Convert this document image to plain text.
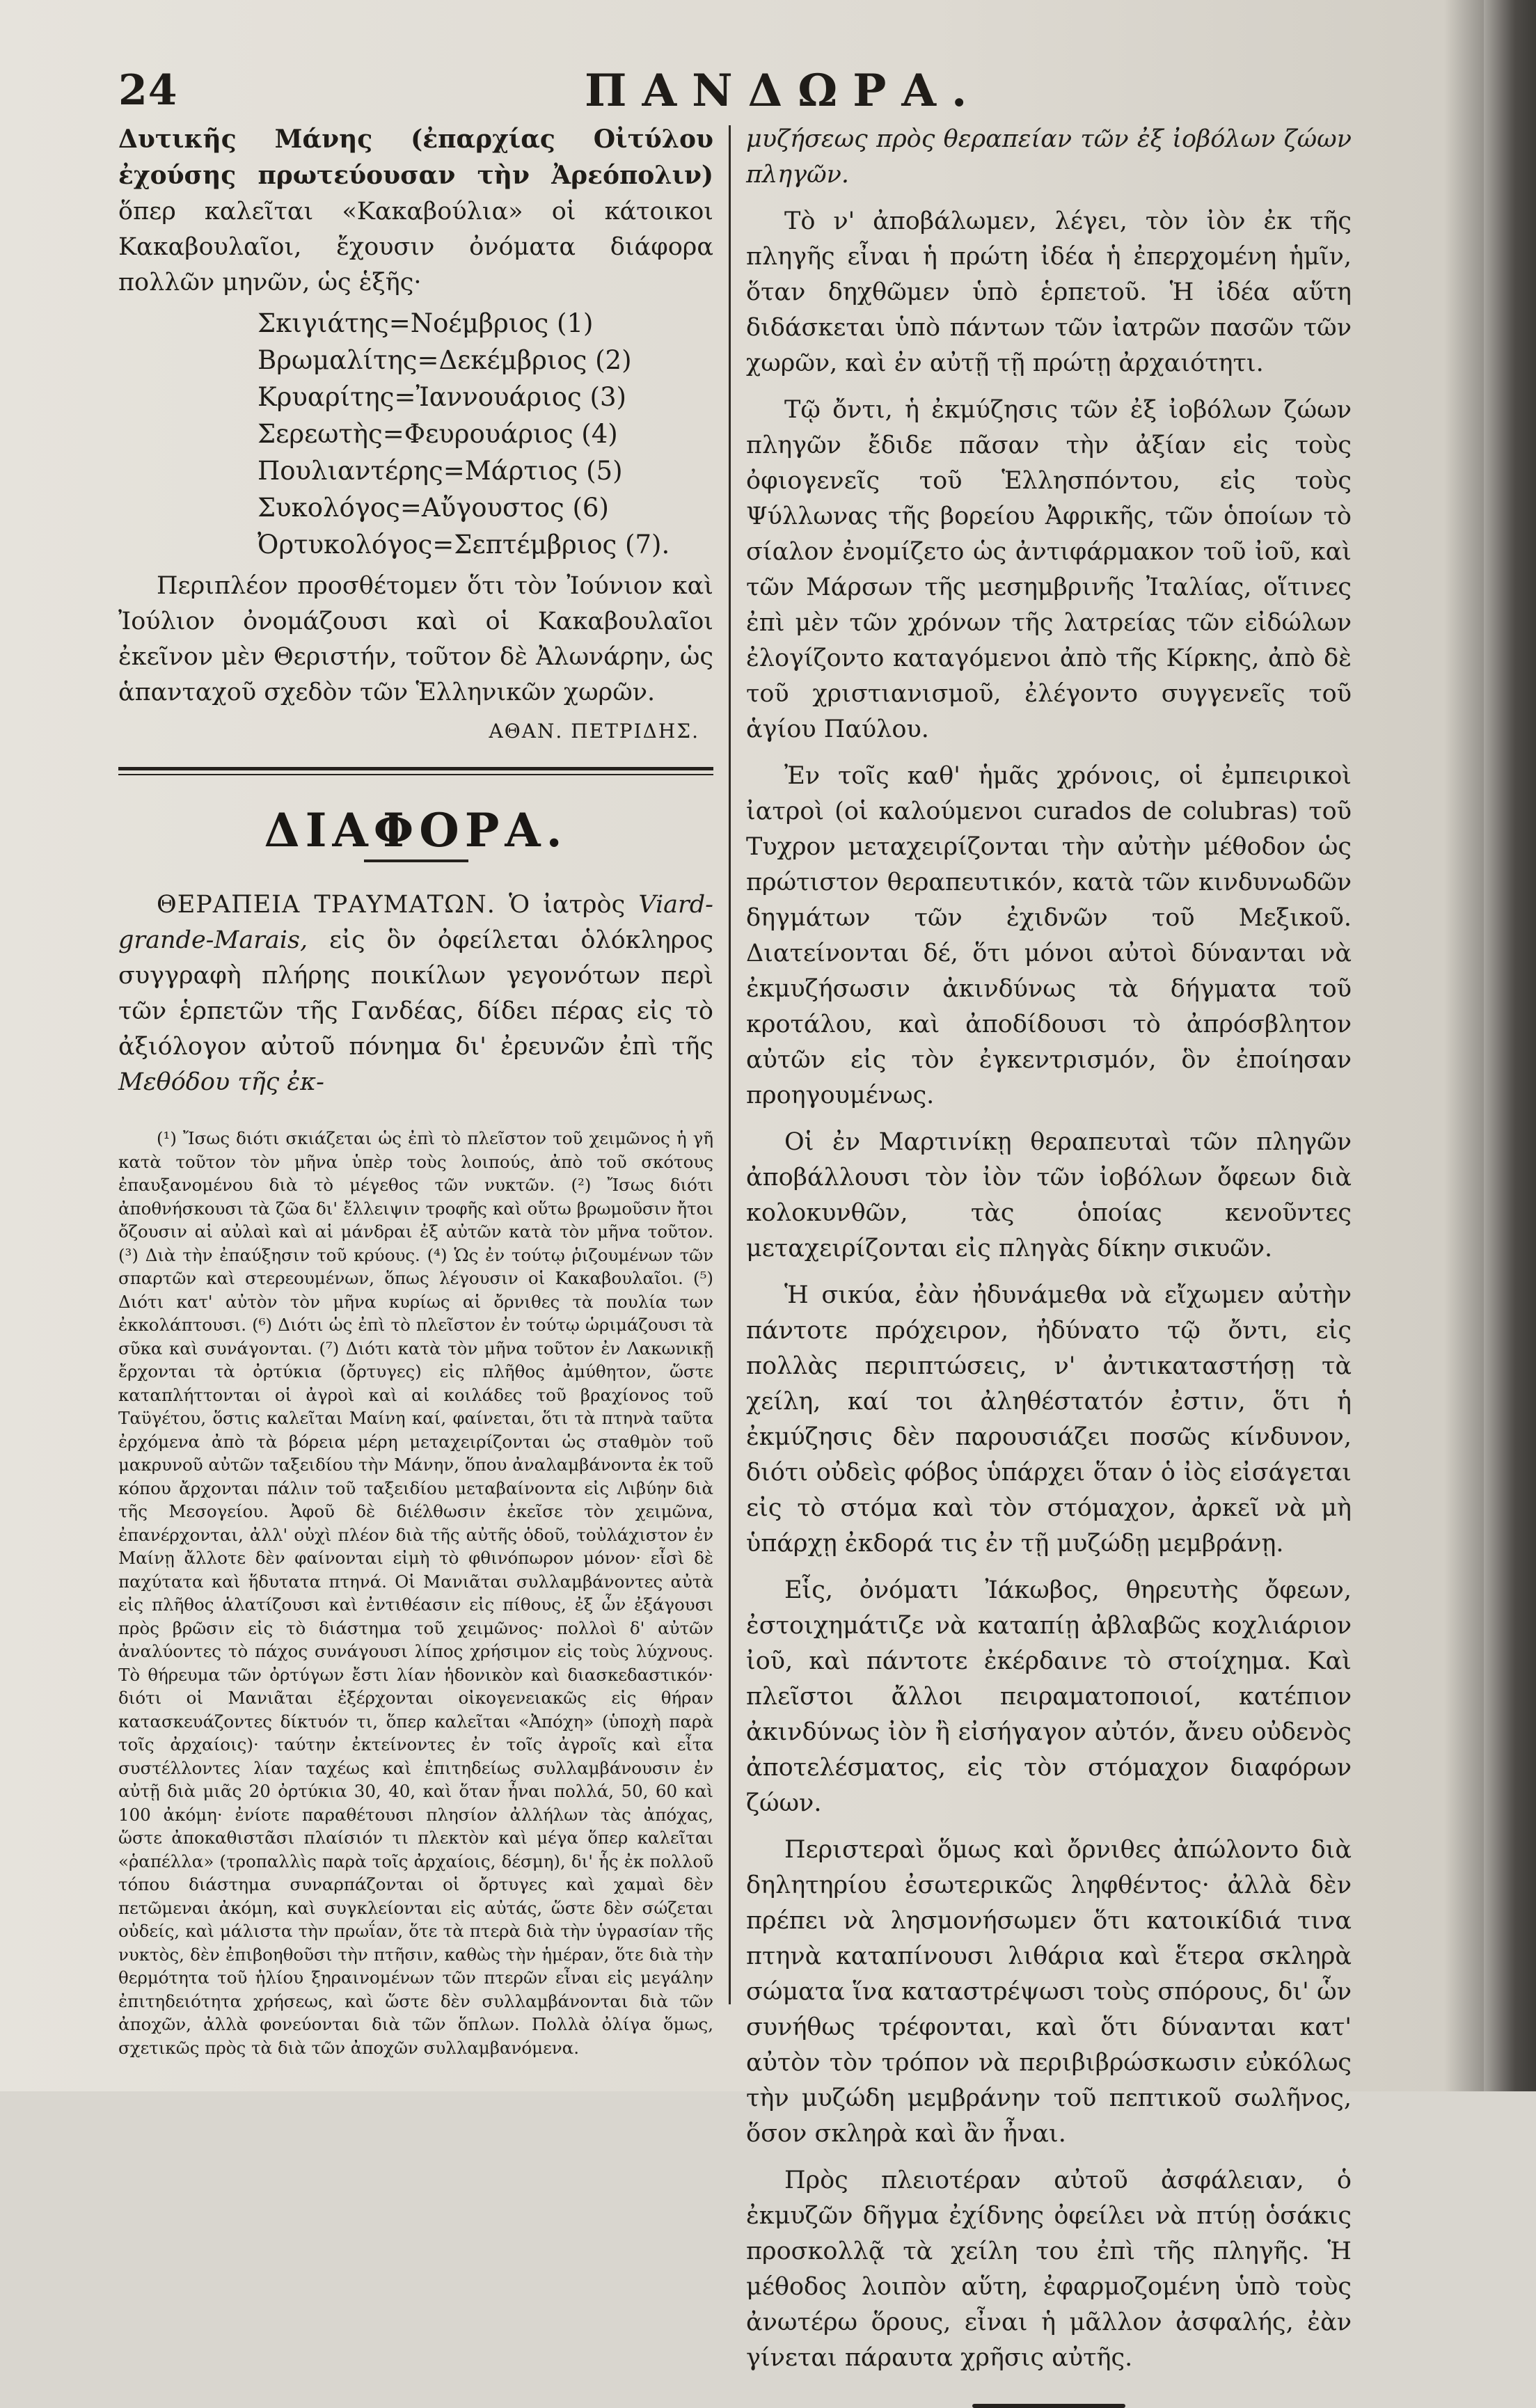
24	ΠΑΝΔΩΡΑ.

Δυτικῆς Μάνης (ἐπαρχίας Οἰτύλου ἐχούσης πρωτεύουσαν τὴν Ἀρεόπολιν) ὅπερ καλεῖται «Κακαβούλια» οἱ κάτοικοι Κακαβουλαῖοι, ἔχουσιν ὀνόματα διάφορα πολλῶν μηνῶν, ὡς ἑξῆς·

Σκιγιάτης=Νοέμβριος (1)
Βρωμαλίτης=Δεκέμβριος (2)
Κρυαρίτης=Ἰαννουάριος (3)
Σερεωτὴς=Φευρουάριος (4)
Πουλιαντέρης=Μάρτιος (5)
Συκολόγος=Αὔγουστος (6)
Ὀρτυκολόγος=Σεπτέμβριος (7).

Περιπλέον προσθέτομεν ὅτι τὸν Ἰούνιον καὶ Ἰούλιον ὀνομάζουσι καὶ οἱ Κακαβουλαῖοι ἐκεῖνον μὲν Θεριστήν, τοῦτον δὲ Ἀλωνάρην, ὡς ἁπανταχοῦ σχεδὸν τῶν Ἑλληνικῶν χωρῶν.

ΑΘΑΝ. ΠΕΤΡΙΔΗΣ.

ΔΙΑΦΟΡΑ.

ΘΕΡΑΠΕΙΑ ΤΡΑΥΜΑΤΩΝ. Ὁ ἰατρὸς Viard-grande-Marais, εἰς ὃν ὀφείλεται ὁλόκληρος συγγραφὴ πλήρης ποικίλων γεγονότων περὶ τῶν ἑρπετῶν τῆς Γανδέας, δίδει πέρας εἰς τὸ ἀξιόλογον αὐτοῦ πόνημα δι' ἐρευνῶν ἐπὶ τῆς Μεθόδου τῆς ἐκ-

(¹) Ἴσως διότι σκιάζεται ὡς ἐπὶ τὸ πλεῖστον τοῦ χειμῶνος ἡ γῆ κατὰ τοῦτον τὸν μῆνα ὑπὲρ τοὺς λοιπούς, ἀπὸ τοῦ σκότους ἐπαυξανομένου διὰ τὸ μέγεθος τῶν νυκτῶν. (²) Ἴσως διότι ἀποθνήσκουσι τὰ ζῶα δι' ἔλλειψιν τροφῆς καὶ οὕτω βρωμοῦσιν ἤτοι ὄζουσιν αἱ αὐλαὶ καὶ αἱ μάνδραι ἐξ αὐτῶν κατὰ τὸν μῆνα τοῦτον. (³) Διὰ τὴν ἐπαύξησιν τοῦ κρύους. (⁴) Ὡς ἐν τούτῳ ῥιζουμένων τῶν σπαρτῶν καὶ στερεουμένων, ὅπως λέγουσιν οἱ Κακαβουλαῖοι. (⁵) Διότι κατ' αὐτὸν τὸν μῆνα κυρίως αἱ ὄρνιθες τὰ πουλία των ἐκκολάπτουσι. (⁶) Διότι ὡς ἐπὶ τὸ πλεῖστον ἐν τούτῳ ὡριμάζουσι τὰ σῦκα καὶ συνάγονται. (⁷) Διότι κατὰ τὸν μῆνα τοῦτον ἐν Λακωνικῇ ἔρχονται τὰ ὀρτύκια (ὄρτυγες) εἰς πλῆθος ἀμύθητον, ὥστε καταπλήττονται οἱ ἀγροὶ καὶ αἱ κοιλάδες τοῦ βραχίονος τοῦ Ταϋγέτου, ὅστις καλεῖται Μαίνη καί, φαίνεται, ὅτι τὰ πτηνὰ ταῦτα ἐρχόμενα ἀπὸ τὰ βόρεια μέρη μεταχειρίζονται ὡς σταθμὸν τοῦ μακρυνοῦ αὐτῶν ταξειδίου τὴν Μάνην, ὅπου ἀναλαμβάνοντα ἐκ τοῦ κόπου ἄρχονται πάλιν τοῦ ταξειδίου μεταβαίνοντα εἰς Λιβύην διὰ τῆς Μεσογείου. Ἀφοῦ δὲ διέλθωσιν ἐκεῖσε τὸν χειμῶνα, ἐπανέρχονται, ἀλλ' οὐχὶ πλέον διὰ τῆς αὐτῆς ὁδοῦ, τοὐλάχιστον ἐν Μαίνῃ ἄλλοτε δὲν φαίνονται εἰμὴ τὸ φθινόπωρον μόνον· εἶσὶ δὲ παχύτατα καὶ ἥδυτατα πτηνά. Οἱ Μανιᾶται συλλαμβάνοντες αὐτὰ εἰς πλῆθος ἁλατίζουσι καὶ ἐντιθέασιν εἰς πίθους, ἐξ ὧν ἐξάγουσι πρὸς βρῶσιν εἰς τὸ διάστημα τοῦ χειμῶνος· πολλοὶ δ' αὐτῶν ἀναλύοντες τὸ πάχος συνάγουσι λίπος χρήσιμον εἰς τοὺς λύχνους. Τὸ θήρευμα τῶν ὀρτύγων ἔστι λίαν ἡδονικὸν καὶ διασκεδαστικόν· διότι οἱ Μανιᾶται ἐξέρχονται οἰκογενειακῶς εἰς θήραν κατασκευάζοντες δίκτυόν τι, ὅπερ καλεῖται «Ἀπόχη» (ὑποχὴ παρὰ τοῖς ἀρχαίοις)· ταύτην ἐκτείνοντες ἐν τοῖς ἀγροῖς καὶ εἶτα συστέλλοντες λίαν ταχέως καὶ ἐπιτηδείως συλλαμβάνουσιν ἐν αὐτῇ διὰ μιᾶς 20 ὀρτύκια 30, 40, καὶ ὅταν ἦναι πολλά, 50, 60 καὶ 100 ἀκόμη· ἐνίοτε παραθέτουσι πλησίον ἀλλήλων τὰς ἀπόχας, ὥστε ἀποκαθιστᾶσι πλαίσιόν τι πλεκτὸν καὶ μέγα ὅπερ καλεῖται «ῥαπέλλα» (τροπαλλὶς παρὰ τοῖς ἀρχαίοις, δέσμη), δι' ἧς ἐκ πολλοῦ τόπου διάστημα συναρπάζονται οἱ ὄρτυγες καὶ χαμαὶ δὲν πετῶμεναι ἀκόμη, καὶ συγκλείονται εἰς αὐτάς, ὥστε δὲν σώζεται οὐδείς, καὶ μάλιστα τὴν πρωΐαν, ὅτε τὰ πτερὰ διὰ τὴν ὑγρασίαν τῆς νυκτὸς, δὲν ἐπιβοηθοῦσι τὴν πτῆσιν, καθὼς τὴν ἡμέραν, ὅτε διὰ τὴν θερμότητα τοῦ ἡλίου ξηραινομένων τῶν πτερῶν εἶναι εἰς μεγάλην ἐπιτηδειότητα χρήσεως, καὶ ὥστε δὲν συλλαμβάνονται διὰ τῶν ἀποχῶν, ἀλλὰ φονεύονται διὰ τῶν ὅπλων. Πολλὰ ὀλίγα ὅμως, σχετικῶς πρὸς τὰ διὰ τῶν ἀποχῶν συλλαμβανόμενα.

μυζήσεως πρὸς θεραπείαν τῶν ἐξ ἰοβόλων ζώων πληγῶν.

Τὸ ν' ἀποβάλωμεν, λέγει, τὸν ἰὸν ἐκ τῆς πληγῆς εἶναι ἡ πρώτη ἰδέα ἡ ἐπερχομένη ἡμῖν, ὅταν δηχθῶμεν ὑπὸ ἑρπετοῦ. Ἡ ἰδέα αὕτη διδάσκεται ὑπὸ πάντων τῶν ἰατρῶν πασῶν τῶν χωρῶν, καὶ ἐν αὐτῇ τῇ πρώτῃ ἀρχαιότητι.

Τῷ ὄντι, ἡ ἐκμύζησις τῶν ἐξ ἰοβόλων ζώων πληγῶν ἔδιδε πᾶσαν τὴν ἀξίαν εἰς τοὺς ὀφιογενεῖς τοῦ Ἑλλησπόντου, εἰς τοὺς Ψύλλωνας τῆς βορείου Ἀφρικῆς, τῶν ὁποίων τὸ σίαλον ἐνομίζετο ὡς ἀντιφάρμακον τοῦ ἰοῦ, καὶ τῶν Μάρσων τῆς μεσημβρινῆς Ἰταλίας, οἵτινες ἐπὶ μὲν τῶν χρόνων τῆς λατρείας τῶν εἰδώλων ἐλογίζοντο καταγόμενοι ἀπὸ τῆς Κίρκης, ἀπὸ δὲ τοῦ χριστιανισμοῦ, ἐλέγοντο συγγενεῖς τοῦ ἁγίου Παύλου.

Ἐν τοῖς καθ' ἡμᾶς χρόνοις, οἱ ἐμπειρικοὶ ἰατροὶ (οἱ καλούμενοι curados de colubras) τοῦ Τυχρον μεταχειρίζονται τὴν αὐτὴν μέθοδον ὡς πρώτιστον θεραπευτικόν, κατὰ τῶν κινδυνωδῶν δηγμάτων τῶν ἐχιδνῶν τοῦ Μεξικοῦ. Διατείνονται δέ, ὅτι μόνοι αὐτοὶ δύνανται νὰ ἐκμυζήσωσιν ἀκινδύνως τὰ δήγματα τοῦ κροτάλου, καὶ ἀποδίδουσι τὸ ἀπρόσβλητον αὐτῶν εἰς τὸν ἐγκεντρισμόν, ὃν ἐποίησαν προηγουμένως.

Οἱ ἐν Μαρτινίκῃ θεραπευταὶ τῶν πληγῶν ἀποβάλλουσι τὸν ἰὸν τῶν ἰοβόλων ὄφεων διὰ κολοκυνθῶν, τὰς ὁποίας κενοῦντες μεταχειρίζονται εἰς πληγὰς δίκην σικυῶν.

Ἡ σικύα, ἐὰν ἠδυνάμεθα νὰ εἴχωμεν αὐτὴν πάντοτε πρόχειρον, ἠδύνατο τῷ ὄντι, εἰς πολλὰς περιπτώσεις, ν' ἀντικαταστήσῃ τὰ χείλη, καί τοι ἀληθέστατόν ἐστιν, ὅτι ἡ ἐκμύζησις δὲν παρουσιάζει ποσῶς κίνδυνον, διότι οὐδεὶς φόβος ὑπάρχει ὅταν ὁ ἰὸς εἰσάγεται εἰς τὸ στόμα καὶ τὸν στόμαχον, ἀρκεῖ νὰ μὴ ὑπάρχῃ ἐκδορά τις ἐν τῇ μυζώδῃ μεμβράνῃ.

Εἷς, ὀνόματι Ἰάκωβος, θηρευτὴς ὄφεων, ἐστοιχημάτιζε νὰ καταπίῃ ἀβλαβῶς κοχλιάριον ἰοῦ, καὶ πάντοτε ἐκέρδαινε τὸ στοίχημα. Καὶ πλεῖστοι ἄλλοι πειραματοποιοί, κατέπιον ἀκινδύνως ἰὸν ἢ εἰσήγαγον αὐτόν, ἄνευ οὐδενὸς ἀποτελέσματος, εἰς τὸν στόμαχον διαφόρων ζώων.

Περιστεραὶ ὅμως καὶ ὄρνιθες ἀπώλοντο διὰ δηλητηρίου ἐσωτερικῶς ληφθέντος· ἀλλὰ δὲν πρέπει νὰ λησμονήσωμεν ὅτι κατοικίδιά τινα πτηνὰ καταπίνουσι λιθάρια καὶ ἕτερα σκληρὰ σώματα ἵνα καταστρέψωσι τοὺς σπόρους, δι' ὧν συνήθως τρέφονται, καὶ ὅτι δύνανται κατ' αὐτὸν τὸν τρόπον νὰ περιβιβρώσκωσιν εὐκόλως τὴν μυζώδη μεμβράνην τοῦ πεπτικοῦ σωλῆνος, ὅσον σκληρὰ καὶ ἂν ἦναι.

Πρὸς πλειοτέραν αὐτοῦ ἀσφάλειαν, ὁ ἐκμυζῶν δῆγμα ἐχίδνης ὀφείλει νὰ πτύῃ ὁσάκις προσκολλᾷ τὰ χείλη του ἐπὶ τῆς πληγῆς. Ἡ μέθοδος λοιπὸν αὕτη, ἐφαρμοζομένη ὑπὸ τοὺς ἀνωτέρω ὅρους, εἶναι ἡ μᾶλλον ἀσφαλής, ἐὰν γίνεται πάραυτα χρῆσις αὐτῆς.
